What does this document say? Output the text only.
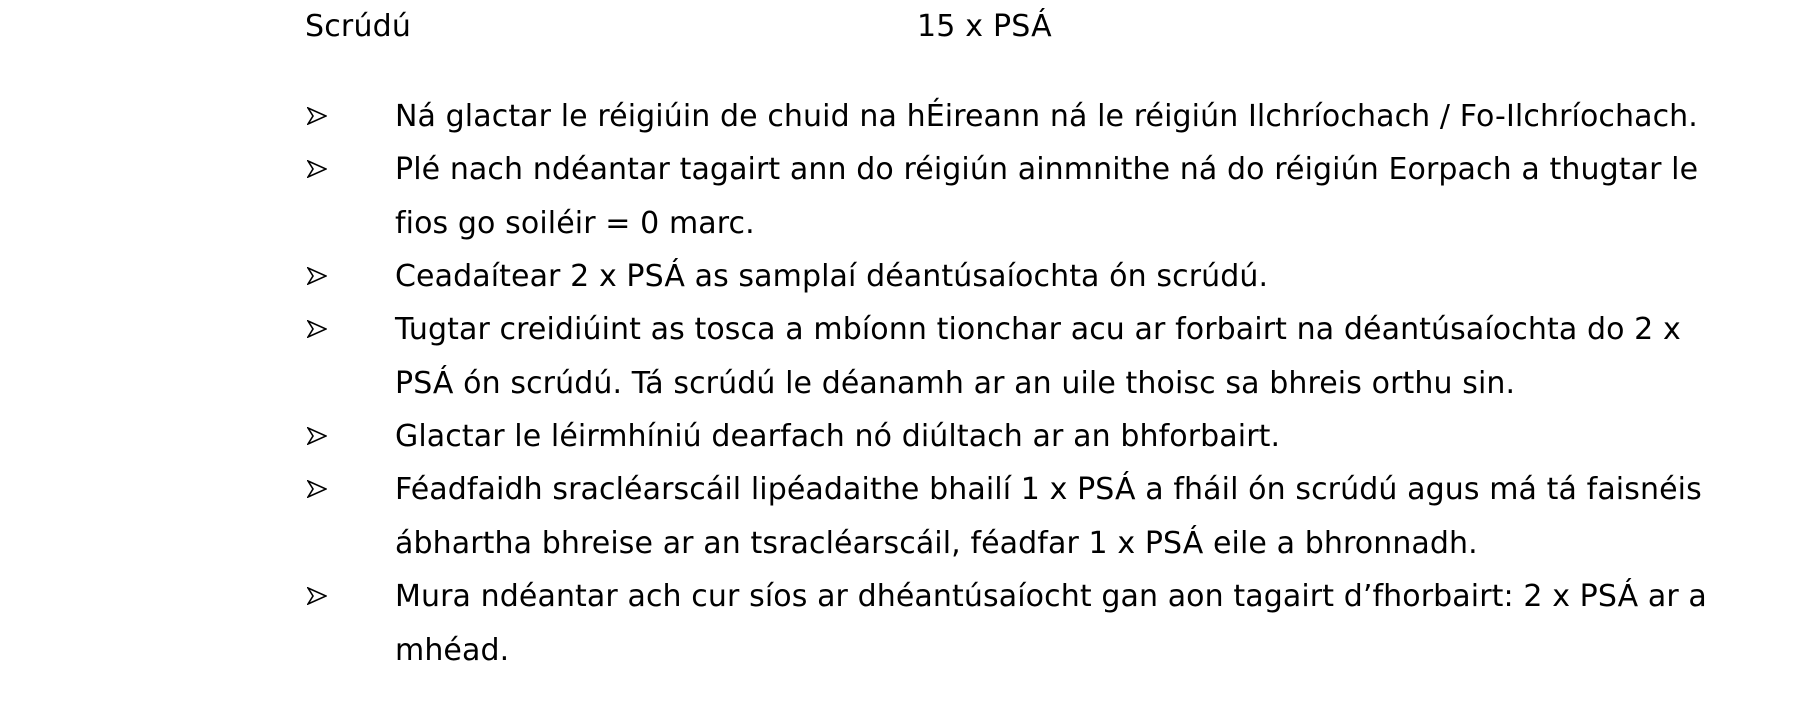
Scrúdú	15 x PSÁ
Ná glactar le réigiúin de chuid na hÉireann ná le réigiún Ilchríochach / Fo-Ilchríochach.
Plé nach ndéantar tagairt ann do réigiún ainmnithe ná do réigiún Eorpach a thugtar le fios go soiléir = 0 marc.
Ceadaítear 2 x PSÁ as samplaí déantúsaíochta ón scrúdú.
Tugtar creidiúint as tosca a mbíonn tionchar acu ar forbairt na déantúsaíochta do 2 x PSÁ ón scrúdú. Tá scrúdú le déanamh ar an uile thoisc sa bhreis orthu sin.
Glactar le léirmhíniú dearfach nó diúltach ar an bhforbairt.
Féadfaidh sracléarscáil lipéadaithe bhailí 1 x PSÁ a fháil ón scrúdú agus má tá faisnéis ábhartha bhreise ar an tsracléarscáil, féadfar 1 x PSÁ eile a bhronnadh.
Mura ndéantar ach cur síos ar dhéantúsaíocht gan aon tagairt d’fhorbairt: 2 x PSÁ ar a mhéad.
